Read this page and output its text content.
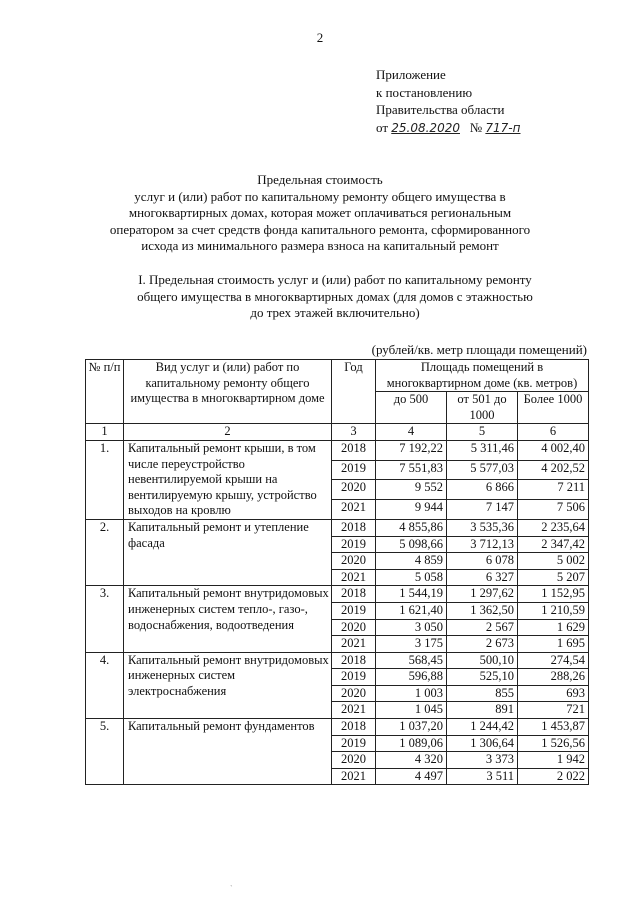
2
Приложение
к постановлению
Правительства области
от 25.08.2020 № 717-п
Предельная стоимость
услуг и (или) работ по капитальному ремонту общего имущества в
многоквартирных домах, которая может оплачиваться региональным
оператором за счет средств фонда капитального ремонта, сформированного
исхода из минимального размера взноса на капитальный ремонт
I. Предельная стоимость услуг и (или) работ по капитальному ремонту
общего имущества в многоквартирных домах (для домов с этажностью
до трех этажей включительно)
(рублей/кв. метр площади помещений)
№ п/п	Вид услуг и (или) работ по капитальному ремонту общего имущества в многоквартирном доме	Год	Площадь помещений в многоквартирном доме (кв. метров)		
			до 500	от 501 до 1000	Более 1000
1	2	3	4	5	6
1.	Капитальный ремонт крыши, в том числе переустройство невентилируемой крыши на вентилируемую крышу, устройство выходов на кровлю	2018	7 192,22	5 311,46	4 002,40
		2019	7 551,83	5 577,03	4 202,52
		2020	9 552	6 866	7 211
		2021	9 944	7 147	7 506
2.	Капитальный ремонт и утепление фасада	2018	4 855,86	3 535,36	2 235,64
		2019	5 098,66	3 712,13	2 347,42
		2020	4 859	6 078	5 002
		2021	5 058	6 327	5 207
3.	Капитальный ремонт внутридомовых инженерных систем тепло-, газо-, водоснабжения, водоотведения	2018	1 544,19	1 297,62	1 152,95
		2019	1 621,40	1 362,50	1 210,59
		2020	3 050	2 567	1 629
		2021	3 175	2 673	1 695
4.	Капитальный ремонт внутридомовых инженерных систем электроснабжения	2018	568,45	500,10	274,54
		2019	596,88	525,10	288,26
		2020	1 003	855	693
		2021	1 045	891	721
5.	Капитальный ремонт фундаментов	2018	1 037,20	1 244,42	1 453,87
		2019	1 089,06	1 306,64	1 526,56
		2020	4 320	3 373	1 942
		2021	4 497	3 511	2 022
`
